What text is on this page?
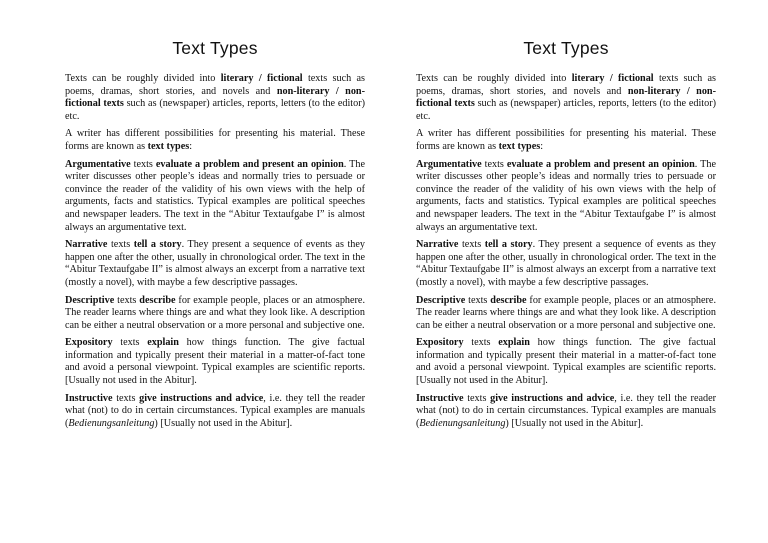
Text Types

Texts can be roughly divided into literary / fictional texts such as poems, dramas, short stories, and novels and non-literary / non-fictional texts such as (newspaper) articles, reports, letters (to the editor) etc.

A writer has different possibilities for presenting his material. These forms are known as text types:

Argumentative texts evaluate a problem and present an opinion. The writer discusses other people’s ideas and normally tries to persuade or convince the reader of the validity of his own views with the help of arguments, facts and statistics. Typical examples are political speeches and newspaper leaders. The text in the “Abitur Textaufgabe I” is almost always an argumentative text.

Narrative texts tell a story. They present a sequence of events as they happen one after the other, usually in chronological order. The text in the “Abitur Textaufgabe II” is almost always an excerpt from a narrative text (mostly a novel), with maybe a few descriptive passages.

Descriptive texts describe for example people, places or an atmosphere. The reader learns where things are and what they look like. A description can be either a neutral observation or a more personal and subjective one.

Expository texts explain how things function. The give factual information and typically present their material in a matter-of-fact tone and avoid a personal viewpoint. Typical examples are scientific reports. [Usually not used in the Abitur].

Instructive texts give instructions and advice, i.e. they tell the reader what (not) to do in certain circumstances. Typical examples are manuals (Bedienungsanleitung) [Usually not used in the Abitur].

Text Types

Texts can be roughly divided into literary / fictional texts such as poems, dramas, short stories, and novels and non-literary / non-fictional texts such as (newspaper) articles, reports, letters (to the editor) etc.

A writer has different possibilities for presenting his material. These forms are known as text types:

Argumentative texts evaluate a problem and present an opinion. The writer discusses other people’s ideas and normally tries to persuade or convince the reader of the validity of his own views with the help of arguments, facts and statistics. Typical examples are political speeches and newspaper leaders. The text in the “Abitur Textaufgabe I” is almost always an argumentative text.

Narrative texts tell a story. They present a sequence of events as they happen one after the other, usually in chronological order. The text in the “Abitur Textaufgabe II” is almost always an excerpt from a narrative text (mostly a novel), with maybe a few descriptive passages.

Descriptive texts describe for example people, places or an atmosphere. The reader learns where things are and what they look like. A description can be either a neutral observation or a more personal and subjective one.

Expository texts explain how things function. The give factual information and typically present their material in a matter-of-fact tone and avoid a personal viewpoint. Typical examples are scientific reports. [Usually not used in the Abitur].

Instructive texts give instructions and advice, i.e. they tell the reader what (not) to do in certain circumstances. Typical examples are manuals (Bedienungsanleitung) [Usually not used in the Abitur].
